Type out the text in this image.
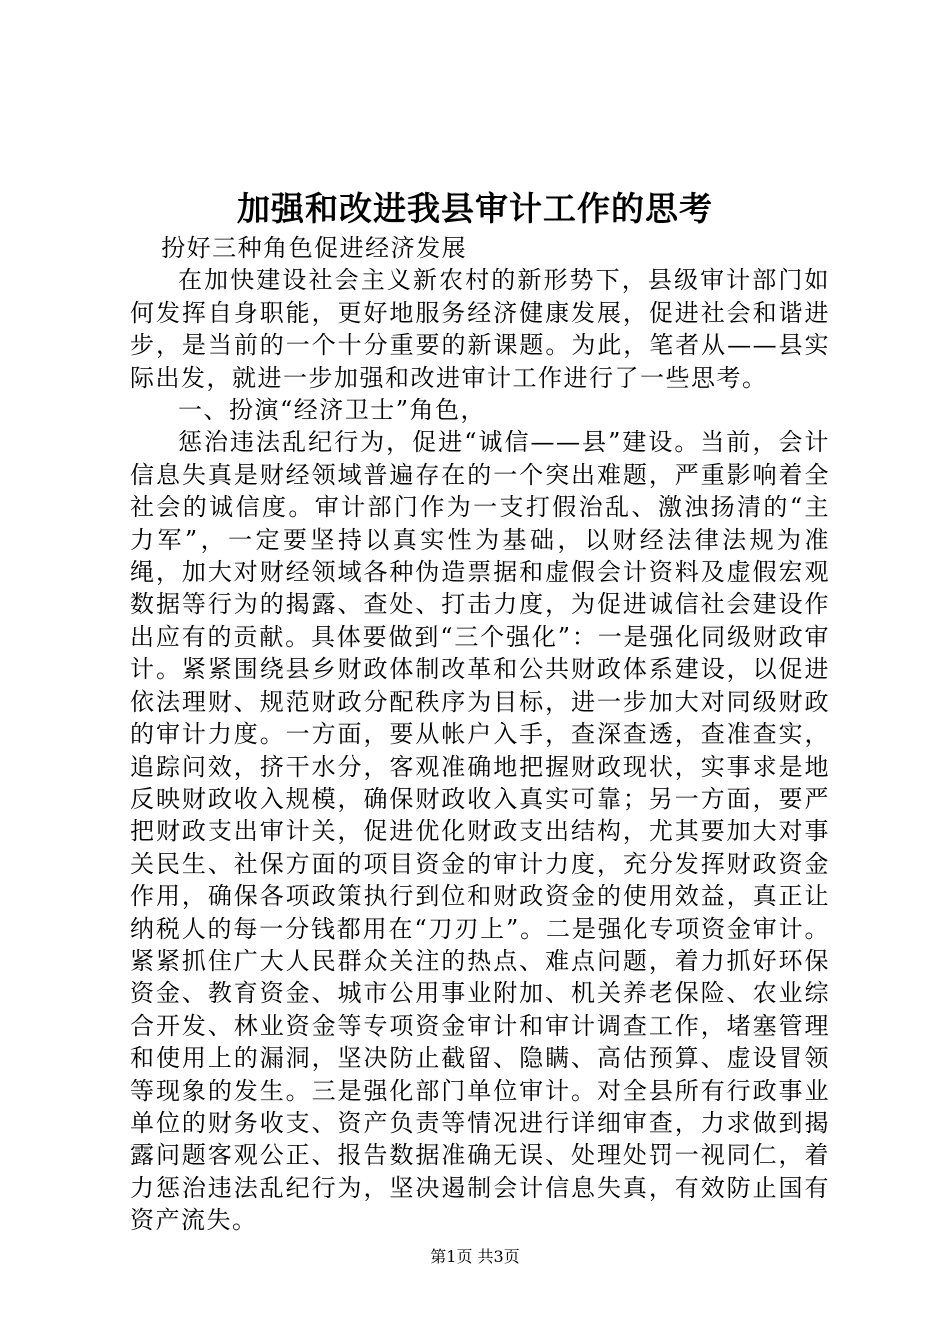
加强和改进我县审计工作的思考

扮好三种角色促进经济发展

在加快建设社会主义新农村的新形势下，县级审计部门如何发挥自身职能，更好地服务经济健康发展，促进社会和谐进步，是当前的一个十分重要的新课题。为此，笔者从——县实际出发，就进一步加强和改进审计工作进行了一些思考。

一、扮演“经济卫士”角色，

惩治违法乱纪行为，促进“诚信——县”建设。当前，会计信息失真是财经领域普遍存在的一个突出难题，严重影响着全社会的诚信度。审计部门作为一支打假治乱、激浊扬清的“主力军”，一定要坚持以真实性为基础，以财经法律法规为准绳，加大对财经领域各种伪造票据和虚假会计资料及虚假宏观数据等行为的揭露、查处、打击力度，为促进诚信社会建设作出应有的贡献。具体要做到“三个强化”：一是强化同级财政审计。紧紧围绕县乡财政体制改革和公共财政体系建设，以促进依法理财、规范财政分配秩序为目标，进一步加大对同级财政的审计力度。一方面，要从帐户入手，查深查透，查准查实，追踪问效，挤干水分，客观准确地把握财政现状，实事求是地反映财政收入规模，确保财政收入真实可靠；另一方面，要严把财政支出审计关，促进优化财政支出结构，尤其要加大对事关民生、社保方面的项目资金的审计力度，充分发挥财政资金作用，确保各项政策执行到位和财政资金的使用效益，真正让纳税人的每一分钱都用在“刀刃上”。二是强化专项资金审计。紧紧抓住广大人民群众关注的热点、难点问题，着力抓好环保资金、教育资金、城市公用事业附加、机关养老保险、农业综合开发、林业资金等专项资金审计和审计调查工作，堵塞管理和使用上的漏洞，坚决防止截留、隐瞒、高估预算、虚设冒领等现象的发生。三是强化部门单位审计。对全县所有行政事业单位的财务收支、资产负责等情况进行详细审查，力求做到揭露问题客观公正、报告数据准确无误、处理处罚一视同仁，着力惩治违法乱纪行为，坚决遏制会计信息失真，有效防止国有资产流失。

第1页 共3页
